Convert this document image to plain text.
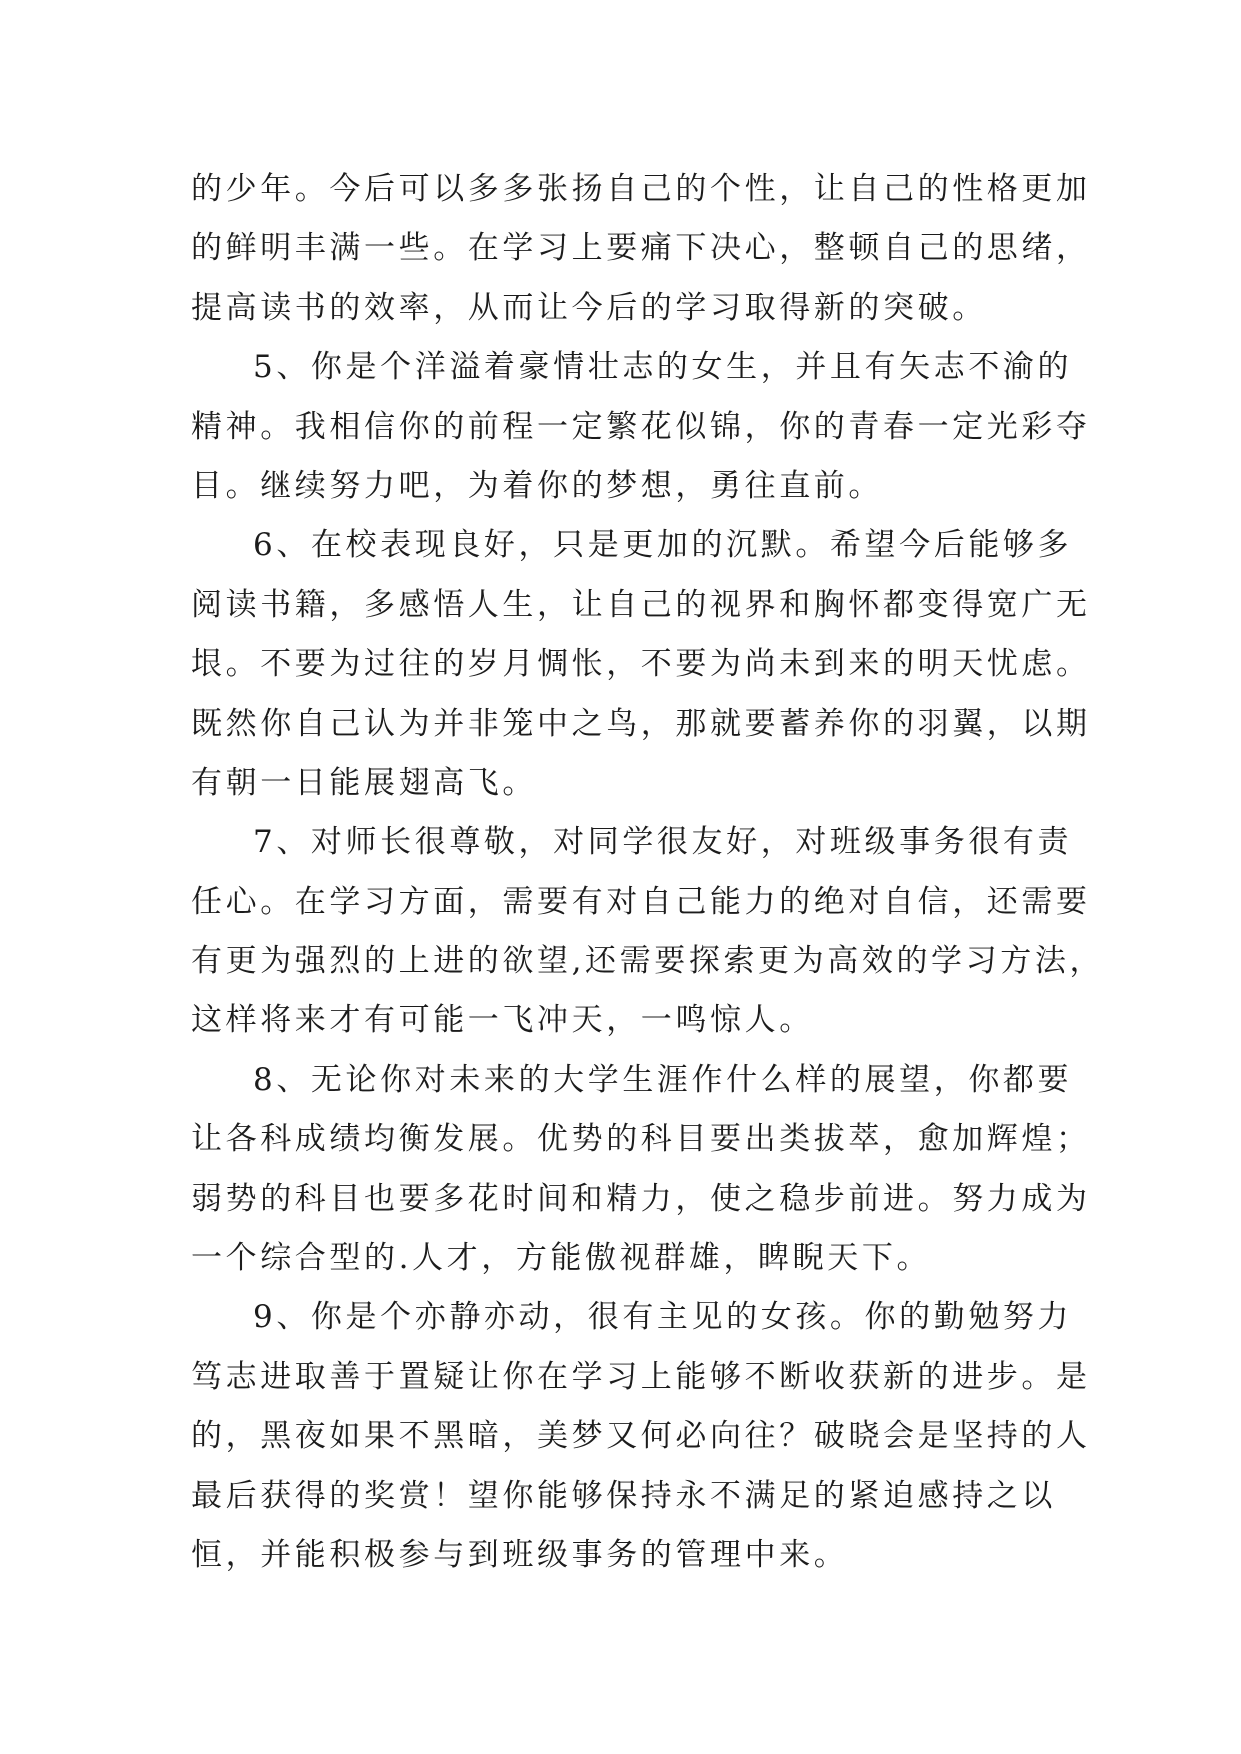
的少年。今后可以多多张扬自己的个性，让自己的性格更加
的鲜明丰满一些。在学习上要痛下决心，整顿自己的思绪，
提高读书的效率，从而让今后的学习取得新的突破。

5、你是个洋溢着豪情壮志的女生，并且有矢志不渝的
精神。我相信你的前程一定繁花似锦，你的青春一定光彩夺
目。继续努力吧，为着你的梦想，勇往直前。

6、在校表现良好，只是更加的沉默。希望今后能够多
阅读书籍，多感悟人生，让自己的视界和胸怀都变得宽广无
垠。不要为过往的岁月惆怅，不要为尚未到来的明天忧虑。
既然你自己认为并非笼中之鸟，那就要蓄养你的羽翼，以期
有朝一日能展翅高飞。

7、对师长很尊敬，对同学很友好，对班级事务很有责
任心。在学习方面，需要有对自己能力的绝对自信，还需要
有更为强烈的上进的欲望,还需要探索更为高效的学习方法，
这样将来才有可能一飞冲天，一鸣惊人。

8、无论你对未来的大学生涯作什么样的展望，你都要
让各科成绩均衡发展。优势的科目要出类拔萃，愈加辉煌；
弱势的科目也要多花时间和精力，使之稳步前进。努力成为
一个综合型的.人才，方能傲视群雄，睥睨天下。

9、你是个亦静亦动，很有主见的女孩。你的勤勉努力
笃志进取善于置疑让你在学习上能够不断收获新的进步。是
的，黑夜如果不黑暗，美梦又何必向往？破晓会是坚持的人
最后获得的奖赏！望你能够保持永不满足的紧迫感持之以
恒，并能积极参与到班级事务的管理中来。
